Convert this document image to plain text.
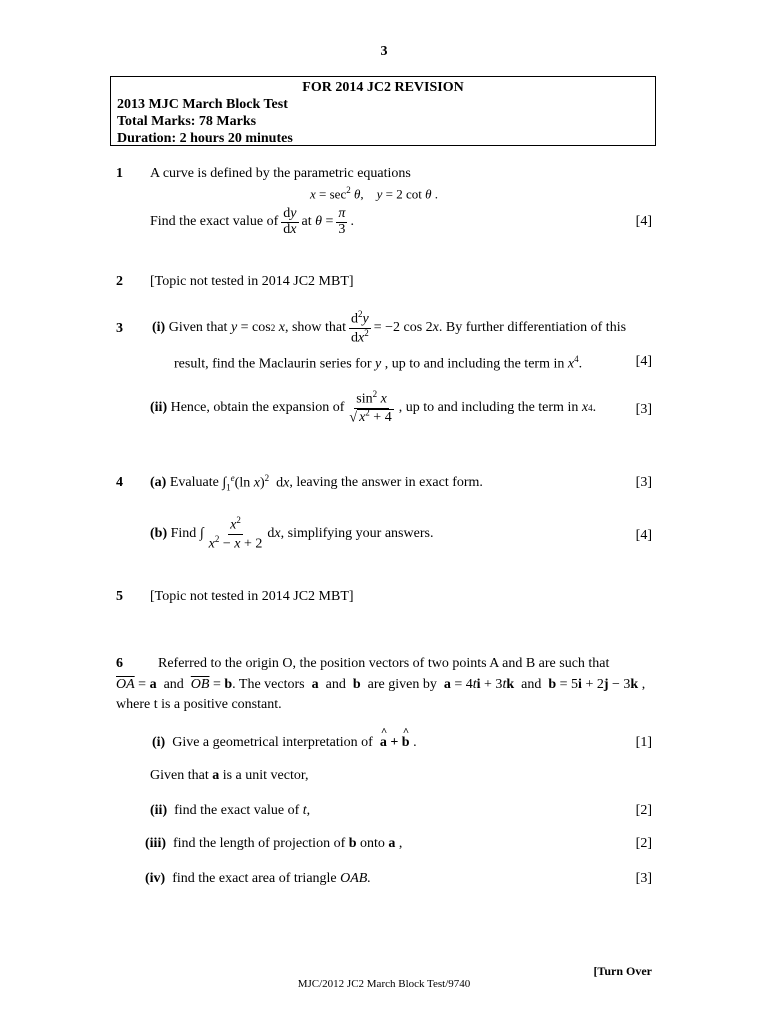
3
FOR 2014 JC2 REVISION
2013 MJC March Block Test
Total Marks: 78 Marks
Duration: 2 hours 20 minutes
1 A curve is defined by the parametric equations
$x = \sec^2 \theta$,    y = 2 cot θ .
Find the exact value of $\frac{dy}{dx}$ at
$\theta = \frac{\pi}{3}$ .	[4]
2 [Topic not tested in 2014 JC2 MBT]
3 (i)
Given that
y = cos 2
x , show that $\frac{d^2y}{dx^2} = -2$ cos 2 x . By further differentiation of this
result, find the Maclaurin series for y , up to and including the term in $x^4$.	[4]
(ii)
Hence, obtain the expansion of $\frac{\sin^2 x}{√ x^2 + 4}$ , up to and including the term in
x 4 .	[3]
4 (a)
Evaluate
$\int_1^e(\ln$ x)$^2$  dx , leaving the answer in exact form.	[3]
(b)
Find ∫ $\frac{x^2}{x^2 - x + 2}$ d x , simplifying your answers.	[4]
5 [Topic not tested in 2014 JC2 MBT]
6	Referred to the origin O, the position vectors of two points A and B are such that
$\overline{OA} = a$ and $\overline{OB} = b$. The vectors a and b are given by a = 4ti + 3tk and b = 5i + 2j − 3k ,
where t is a positive constant.
(i) Give a geometrical interpretation of ^ a + ^ b .	[1]
Given that a is a unit vector,
(ii) find the exact value of t,	[2]
(iii) find the length of projection of b onto a ,	[2]
(iv) find the exact area of triangle OAB.	[3]
[Turn Over
MJC/2012 JC2 March Block Test/9740
